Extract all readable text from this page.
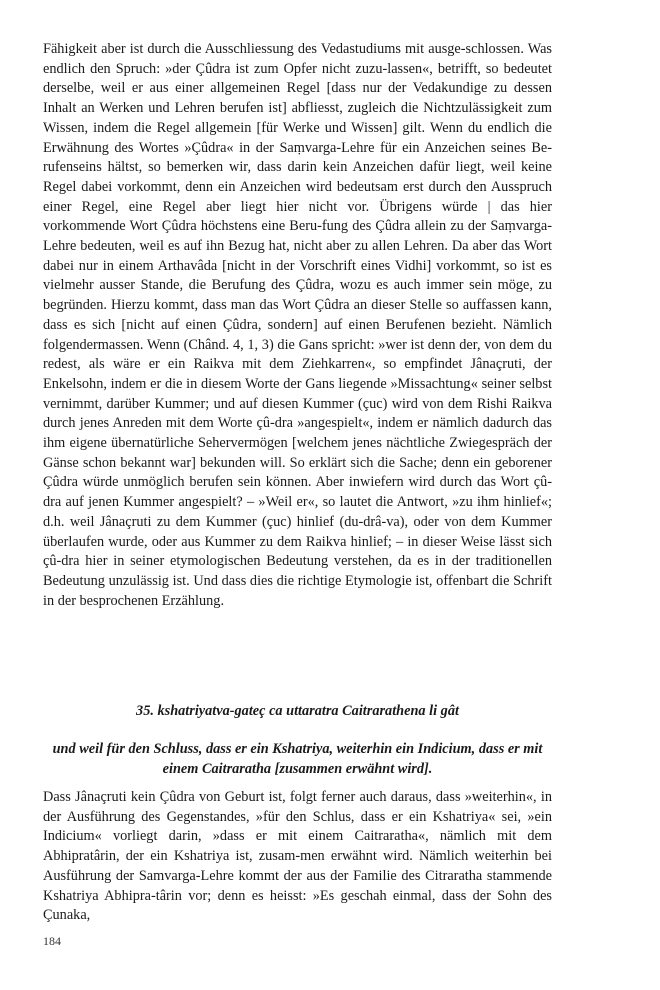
Fähigkeit aber ist durch die Ausschliessung des Vedastudiums mit ausge-schlossen. Was endlich den Spruch: »der Çûdra ist zum Opfer nicht zuzu-lassen«, betrifft, so bedeutet derselbe, weil er aus einer allgemeinen Regel [dass nur der Vedakundige zu dessen Inhalt an Werken und Lehren berufen ist] abfliesst, zugleich die Nichtzulässigkeit zum Wissen, indem die Regel allgemein [für Werke und Wissen] gilt. Wenn du endlich die Erwähnung des Wortes »Çûdra« in der Saṃvarga-Lehre für ein Anzeichen seines Be-rufenseins hältst, so bemerken wir, dass darin kein Anzeichen dafür liegt, weil keine Regel dabei vorkommt, denn ein Anzeichen wird bedeutsam erst durch den Ausspruch einer Regel, eine Regel aber liegt hier nicht vor. Übrigens würde | das hier vorkommende Wort Çûdra höchstens eine Beru-fung des Çûdra allein zu der Saṃvarga-Lehre bedeuten, weil es auf ihn Bezug hat, nicht aber zu allen Lehren. Da aber das Wort dabei nur in einem Arthavâda [nicht in der Vorschrift eines Vidhi] vorkommt, so ist es vielmehr ausser Stande, die Berufung des Çûdra, wozu es auch immer sein möge, zu begründen. Hierzu kommt, dass man das Wort Çûdra an dieser Stelle so auffassen kann, dass es sich [nicht auf einen Çûdra, sondern] auf einen Berufenen bezieht. Nämlich folgendermassen. Wenn (Chând. 4, 1, 3) die Gans spricht: »wer ist denn der, von dem du redest, als wäre er ein Raikva mit dem Ziehkarren«, so empfindet Jânaçruti, der Enkelsohn, indem er die in diesem Worte der Gans liegende »Missachtung« seiner selbst vernimmt, darüber Kummer; und auf diesen Kummer (çuc) wird von dem Rishi Raikva durch jenes Anreden mit dem Worte çû-dra »angespielt«, indem er nämlich dadurch das ihm eigene übernatürliche Sehervermögen [welchem jenes nächtliche Zwiegespräch der Gänse schon bekannt war] bekunden will. So erklärt sich die Sache; denn ein geborener Çûdra würde unmöglich berufen sein können. Aber inwiefern wird durch das Wort çû-dra auf jenen Kummer angespielt? – »Weil er«, so lautet die Antwort, »zu ihm hinlief«; d.h. weil Jânaçruti zu dem Kummer (çuc) hinlief (du-drâ-va), oder von dem Kummer überlaufen wurde, oder aus Kummer zu dem Raikva hinlief; – in dieser Weise lässt sich çû-dra hier in seiner etymologischen Bedeutung verstehen, da es in der traditionellen Bedeutung unzulässig ist. Und dass dies die richtige Etymologie ist, offenbart die Schrift in der besprochenen Erzählung.

35. kshatriyatva-gateç ca uttaratra Caitrarathena li gât

und weil für den Schluss, dass er ein Kshatriya, weiterhin ein Indicium, dass er mit einem Caitraratha [zusammen erwähnt wird].

Dass Jânaçruti kein Çûdra von Geburt ist, folgt ferner auch daraus, dass »weiterhin«, in der Ausführung des Gegenstandes, »für den Schlus, dass er ein Kshatriya« sei, »ein Indicium« vorliegt darin, »dass er mit einem Caitraratha«, nämlich mit dem Abhipratârin, der ein Kshatriya ist, zusam-men erwähnt wird. Nämlich weiterhin bei Ausführung der Samvarga-Lehre kommt der aus der Familie des Citraratha stammende Kshatriya Abhipra-târin vor; denn es heisst: »Es geschah einmal, dass der Sohn des Çunaka,

184
